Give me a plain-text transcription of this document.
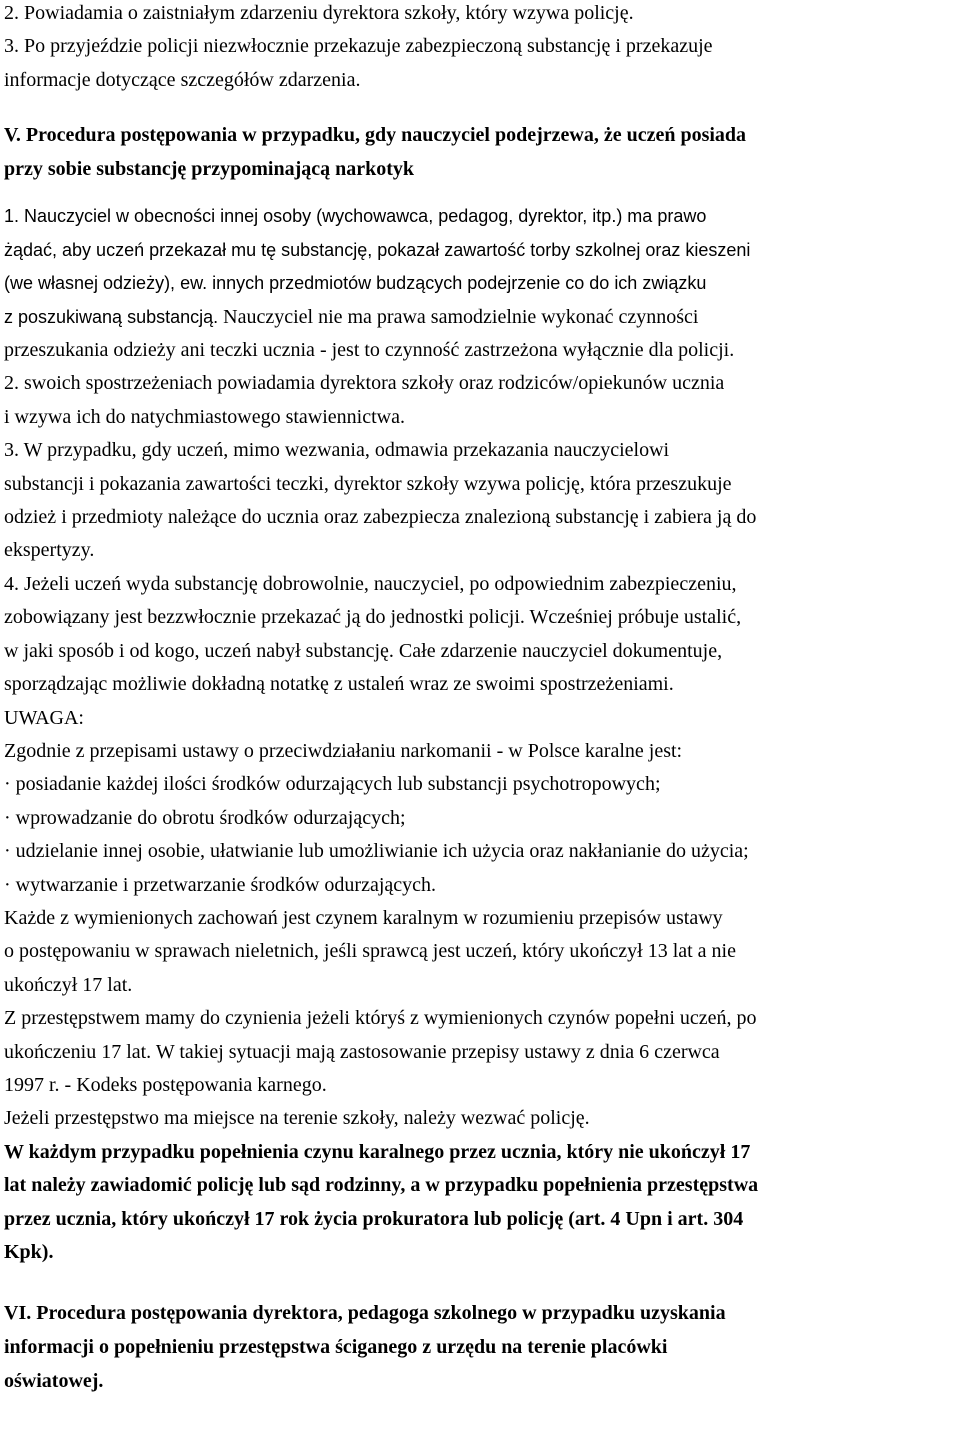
2. Powiadamia o zaistniałym zdarzeniu dyrektora szkoły, który wzywa policję.
3. Po przyjeździe policji niezwłocznie przekazuje zabezpieczoną substancję i przekazuje
informacje dotyczące szczegółów zdarzenia.
V. Procedura postępowania w przypadku, gdy nauczyciel podejrzewa, że uczeń posiada
przy sobie substancję przypominającą narkotyk
1. Nauczyciel w obecności innej osoby (wychowawca, pedagog, dyrektor, itp.) ma prawo
żądać, aby uczeń przekazał mu tę substancję, pokazał zawartość torby szkolnej oraz kieszeni
(we własnej odzieży), ew. innych przedmiotów budzących podejrzenie co do ich związku
z poszukiwaną substancją. Nauczyciel nie ma prawa samodzielnie wykonać czynności
przeszukania odzieży ani teczki ucznia - jest to czynność zastrzeżona wyłącznie dla policji.
2. swoich spostrzeżeniach powiadamia dyrektora szkoły oraz rodziców/opiekunów ucznia
i wzywa ich do natychmiastowego stawiennictwa.
3. W przypadku, gdy uczeń, mimo wezwania, odmawia przekazania nauczycielowi
substancji i pokazania zawartości teczki, dyrektor szkoły wzywa policję, która przeszukuje
odzież i przedmioty należące do ucznia oraz zabezpiecza znalezioną substancję i zabiera ją do
ekspertyzy.
4. Jeżeli uczeń wyda substancję dobrowolnie, nauczyciel, po odpowiednim zabezpieczeniu,
zobowiązany jest bezzwłocznie przekazać ją do jednostki policji. Wcześniej próbuje ustalić,
w jaki sposób i od kogo, uczeń nabył substancję. Całe zdarzenie nauczyciel dokumentuje,
sporządzając możliwie dokładną notatkę z ustaleń wraz ze swoimi spostrzeżeniami.
UWAGA:
Zgodnie z przepisami ustawy o przeciwdziałaniu narkomanii - w Polsce karalne jest:
· posiadanie każdej ilości środków odurzających lub substancji psychotropowych;
· wprowadzanie do obrotu środków odurzających;
· udzielanie innej osobie, ułatwianie lub umożliwianie ich użycia oraz nakłanianie do użycia;
· wytwarzanie i przetwarzanie środków odurzających.
Każde z wymienionych zachowań jest czynem karalnym w rozumieniu przepisów ustawy
o postępowaniu w sprawach nieletnich, jeśli sprawcą jest uczeń, który ukończył 13 lat a nie
ukończył 17 lat.
Z przestępstwem mamy do czynienia jeżeli któryś z wymienionych czynów popełni uczeń, po
ukończeniu 17 lat. W takiej sytuacji mają zastosowanie przepisy ustawy z dnia 6 czerwca
1997 r. - Kodeks postępowania karnego.
Jeżeli przestępstwo ma miejsce na terenie szkoły, należy wezwać policję.
W każdym przypadku popełnienia czynu karalnego przez ucznia, który nie ukończył 17
lat należy zawiadomić policję lub sąd rodzinny, a w przypadku popełnienia przestępstwa
przez ucznia, który ukończył 17 rok życia prokuratora lub policję (art. 4 Upn i art. 304
Kpk).
VI. Procedura postępowania dyrektora, pedagoga szkolnego w przypadku uzyskania
informacji o popełnieniu przestępstwa ściganego z urzędu na terenie placówki
oświatowej.
